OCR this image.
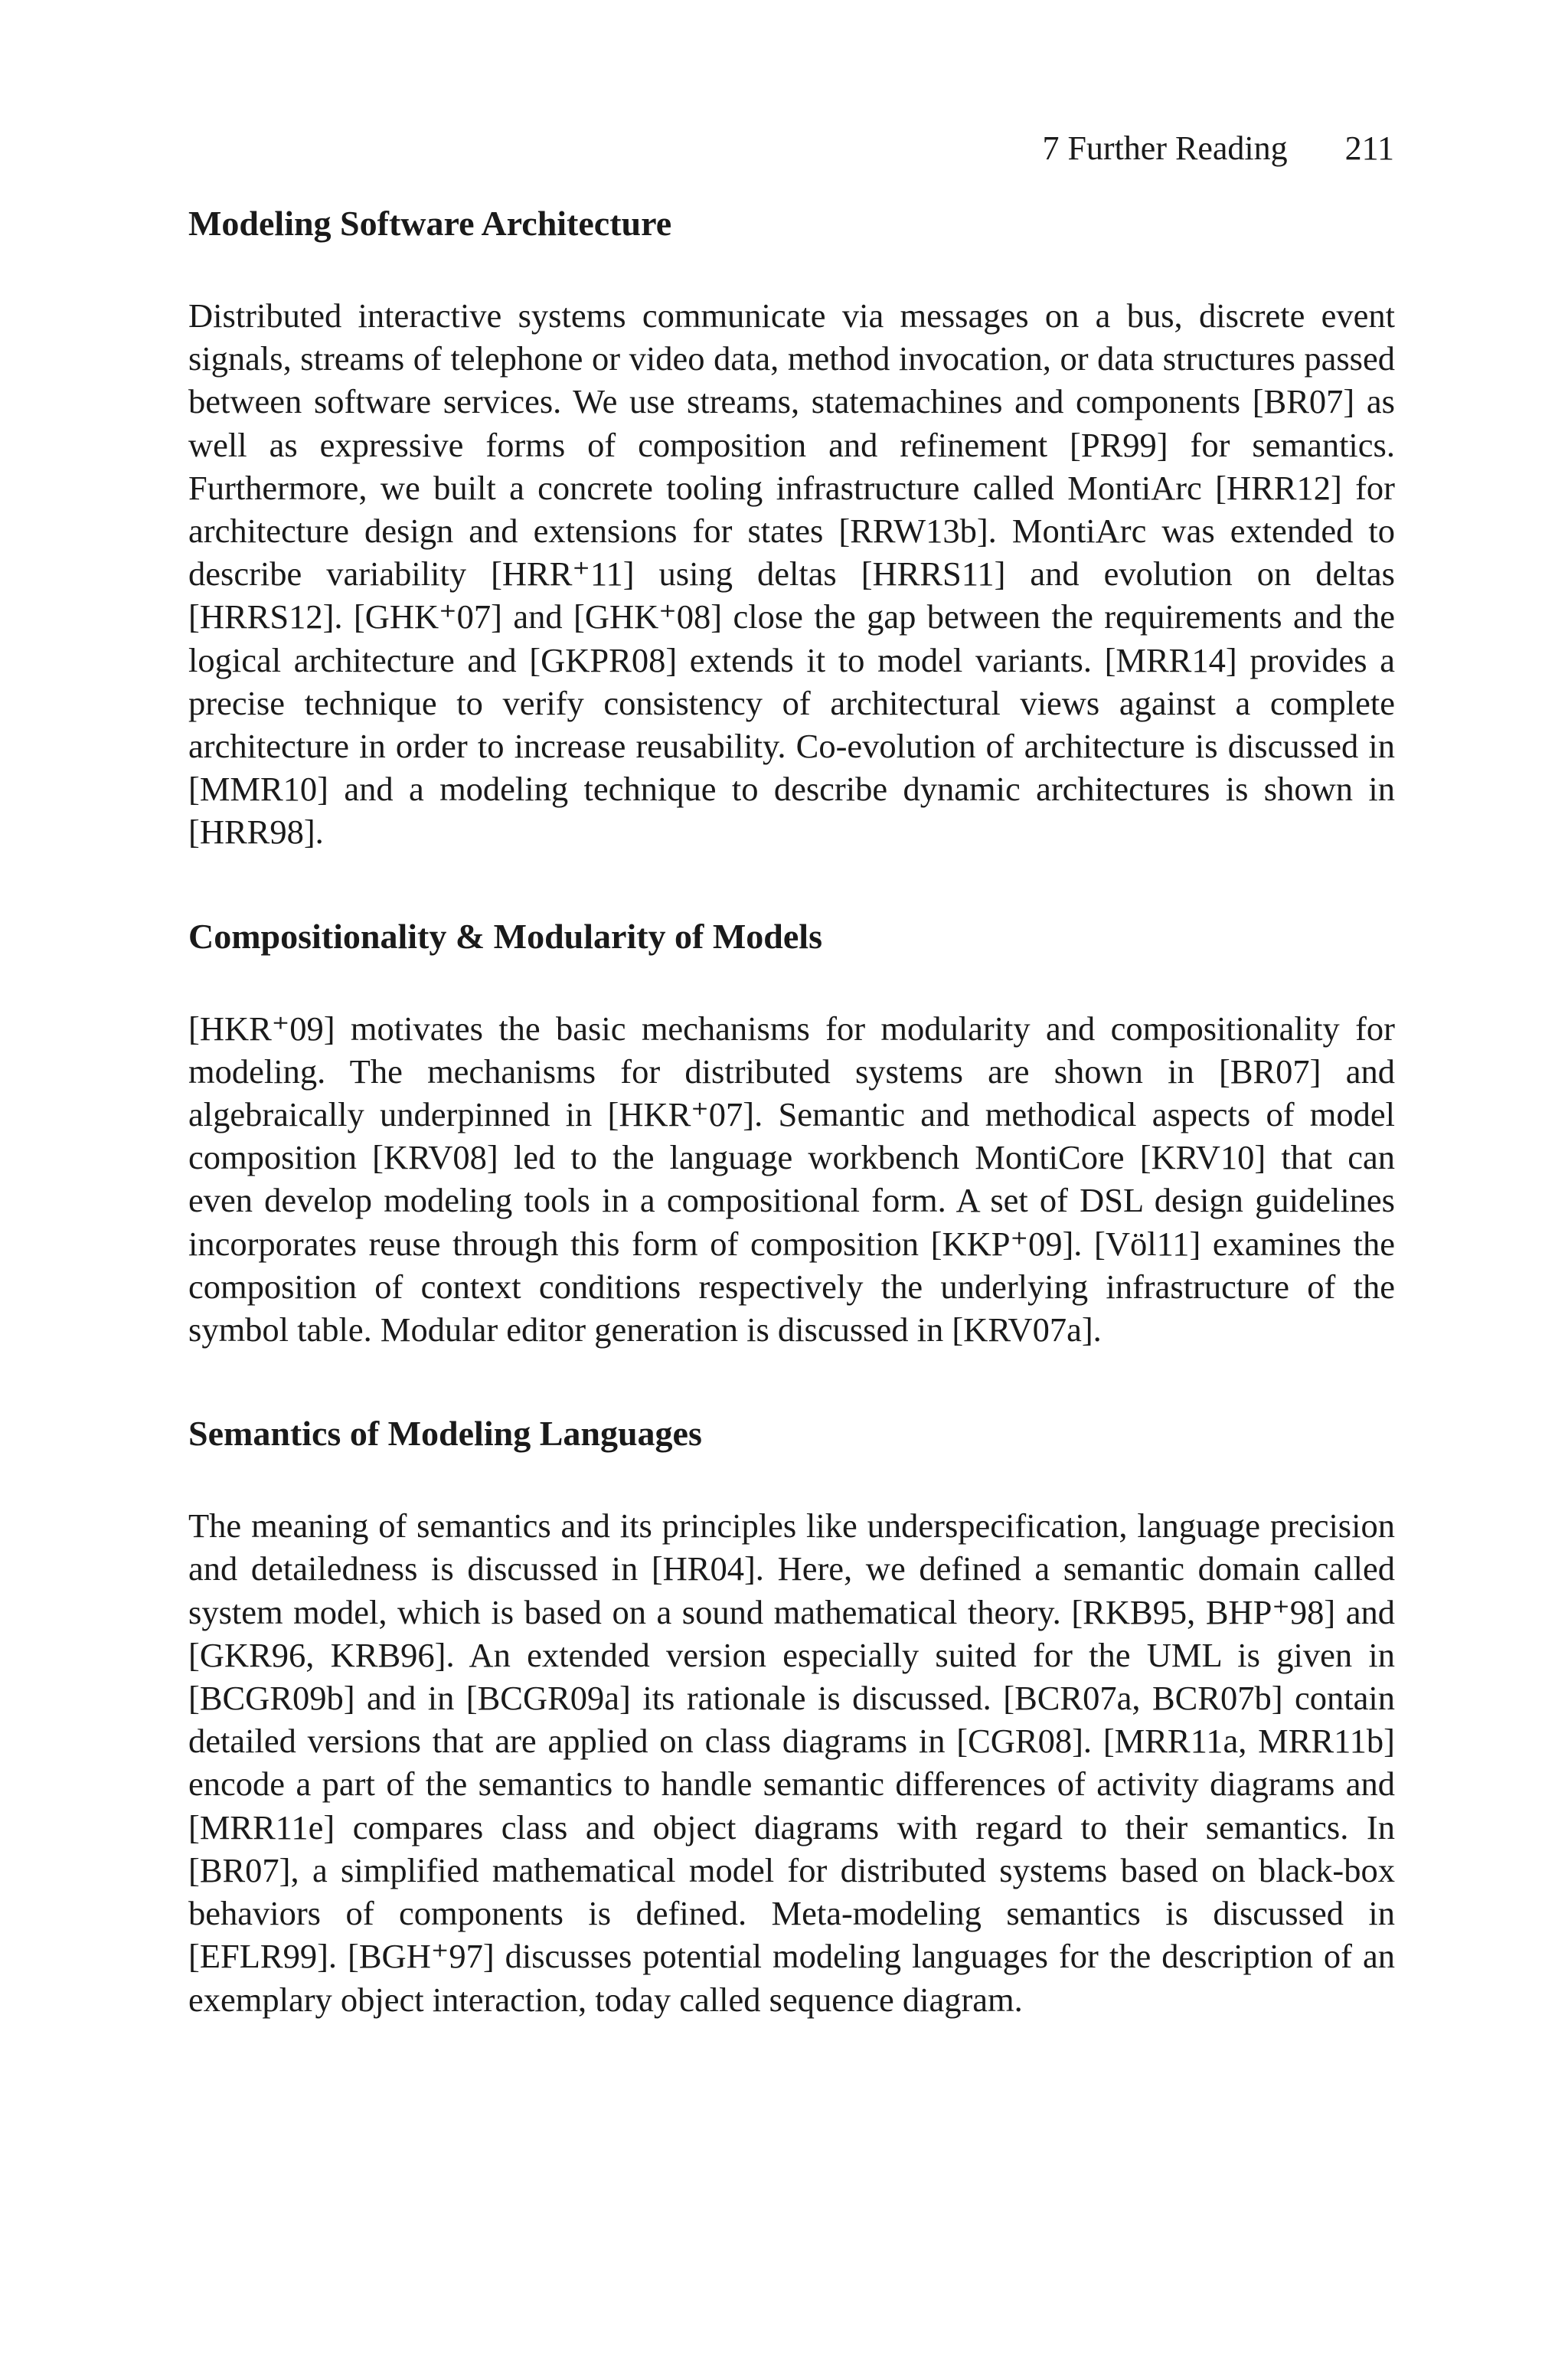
7 Further Reading 211
Modeling Software Architecture

Distributed interactive systems communicate via messages on a bus, discrete event signals, streams of telephone or video data, method invocation, or data structures passed between software services. We use streams, statemachines and components [BR07] as well as expressive forms of composition and refinement [PR99] for semantics. Furthermore, we built a concrete tooling infrastructure called MontiArc [HRR12] for architecture design and extensions for states [RRW13b]. MontiArc was extended to describe variability [HRR⁺11] using deltas [HRRS11] and evolution on deltas [HRRS12]. [GHK⁺07] and [GHK⁺08] close the gap between the requirements and the logical architecture and [GKPR08] extends it to model variants. [MRR14] provides a precise technique to verify consistency of architectural views against a complete architecture in order to increase reusability. Co-evolution of architecture is discussed in [MMR10] and a modeling technique to describe dynamic architectures is shown in [HRR98].

Compositionality & Modularity of Models

[HKR⁺09] motivates the basic mechanisms for modularity and compositionality for modeling. The mechanisms for distributed systems are shown in [BR07] and algebraically underpinned in [HKR⁺07]. Semantic and methodical aspects of model composition [KRV08] led to the language workbench MontiCore [KRV10] that can even develop modeling tools in a compositional form. A set of DSL design guidelines incorporates reuse through this form of composition [KKP⁺09]. [Völ11] examines the composition of context conditions respectively the underlying infrastructure of the symbol table. Modular editor generation is discussed in [KRV07a].

Semantics of Modeling Languages

The meaning of semantics and its principles like underspecification, language precision and detailedness is discussed in [HR04]. Here, we defined a semantic domain called system model, which is based on a sound mathematical theory. [RKB95, BHP⁺98] and [GKR96, KRB96]. An extended version especially suited for the UML is given in [BCGR09b] and in [BCGR09a] its rationale is discussed. [BCR07a, BCR07b] contain detailed versions that are applied on class diagrams in [CGR08]. [MRR11a, MRR11b] encode a part of the semantics to handle semantic differences of activity diagrams and [MRR11e] compares class and object diagrams with regard to their semantics. In [BR07], a simplified mathematical model for distributed systems based on black-box behaviors of components is defined. Meta-modeling semantics is discussed in [EFLR99]. [BGH⁺97] discusses potential modeling languages for the description of an exemplary object interaction, today called sequence diagram.
